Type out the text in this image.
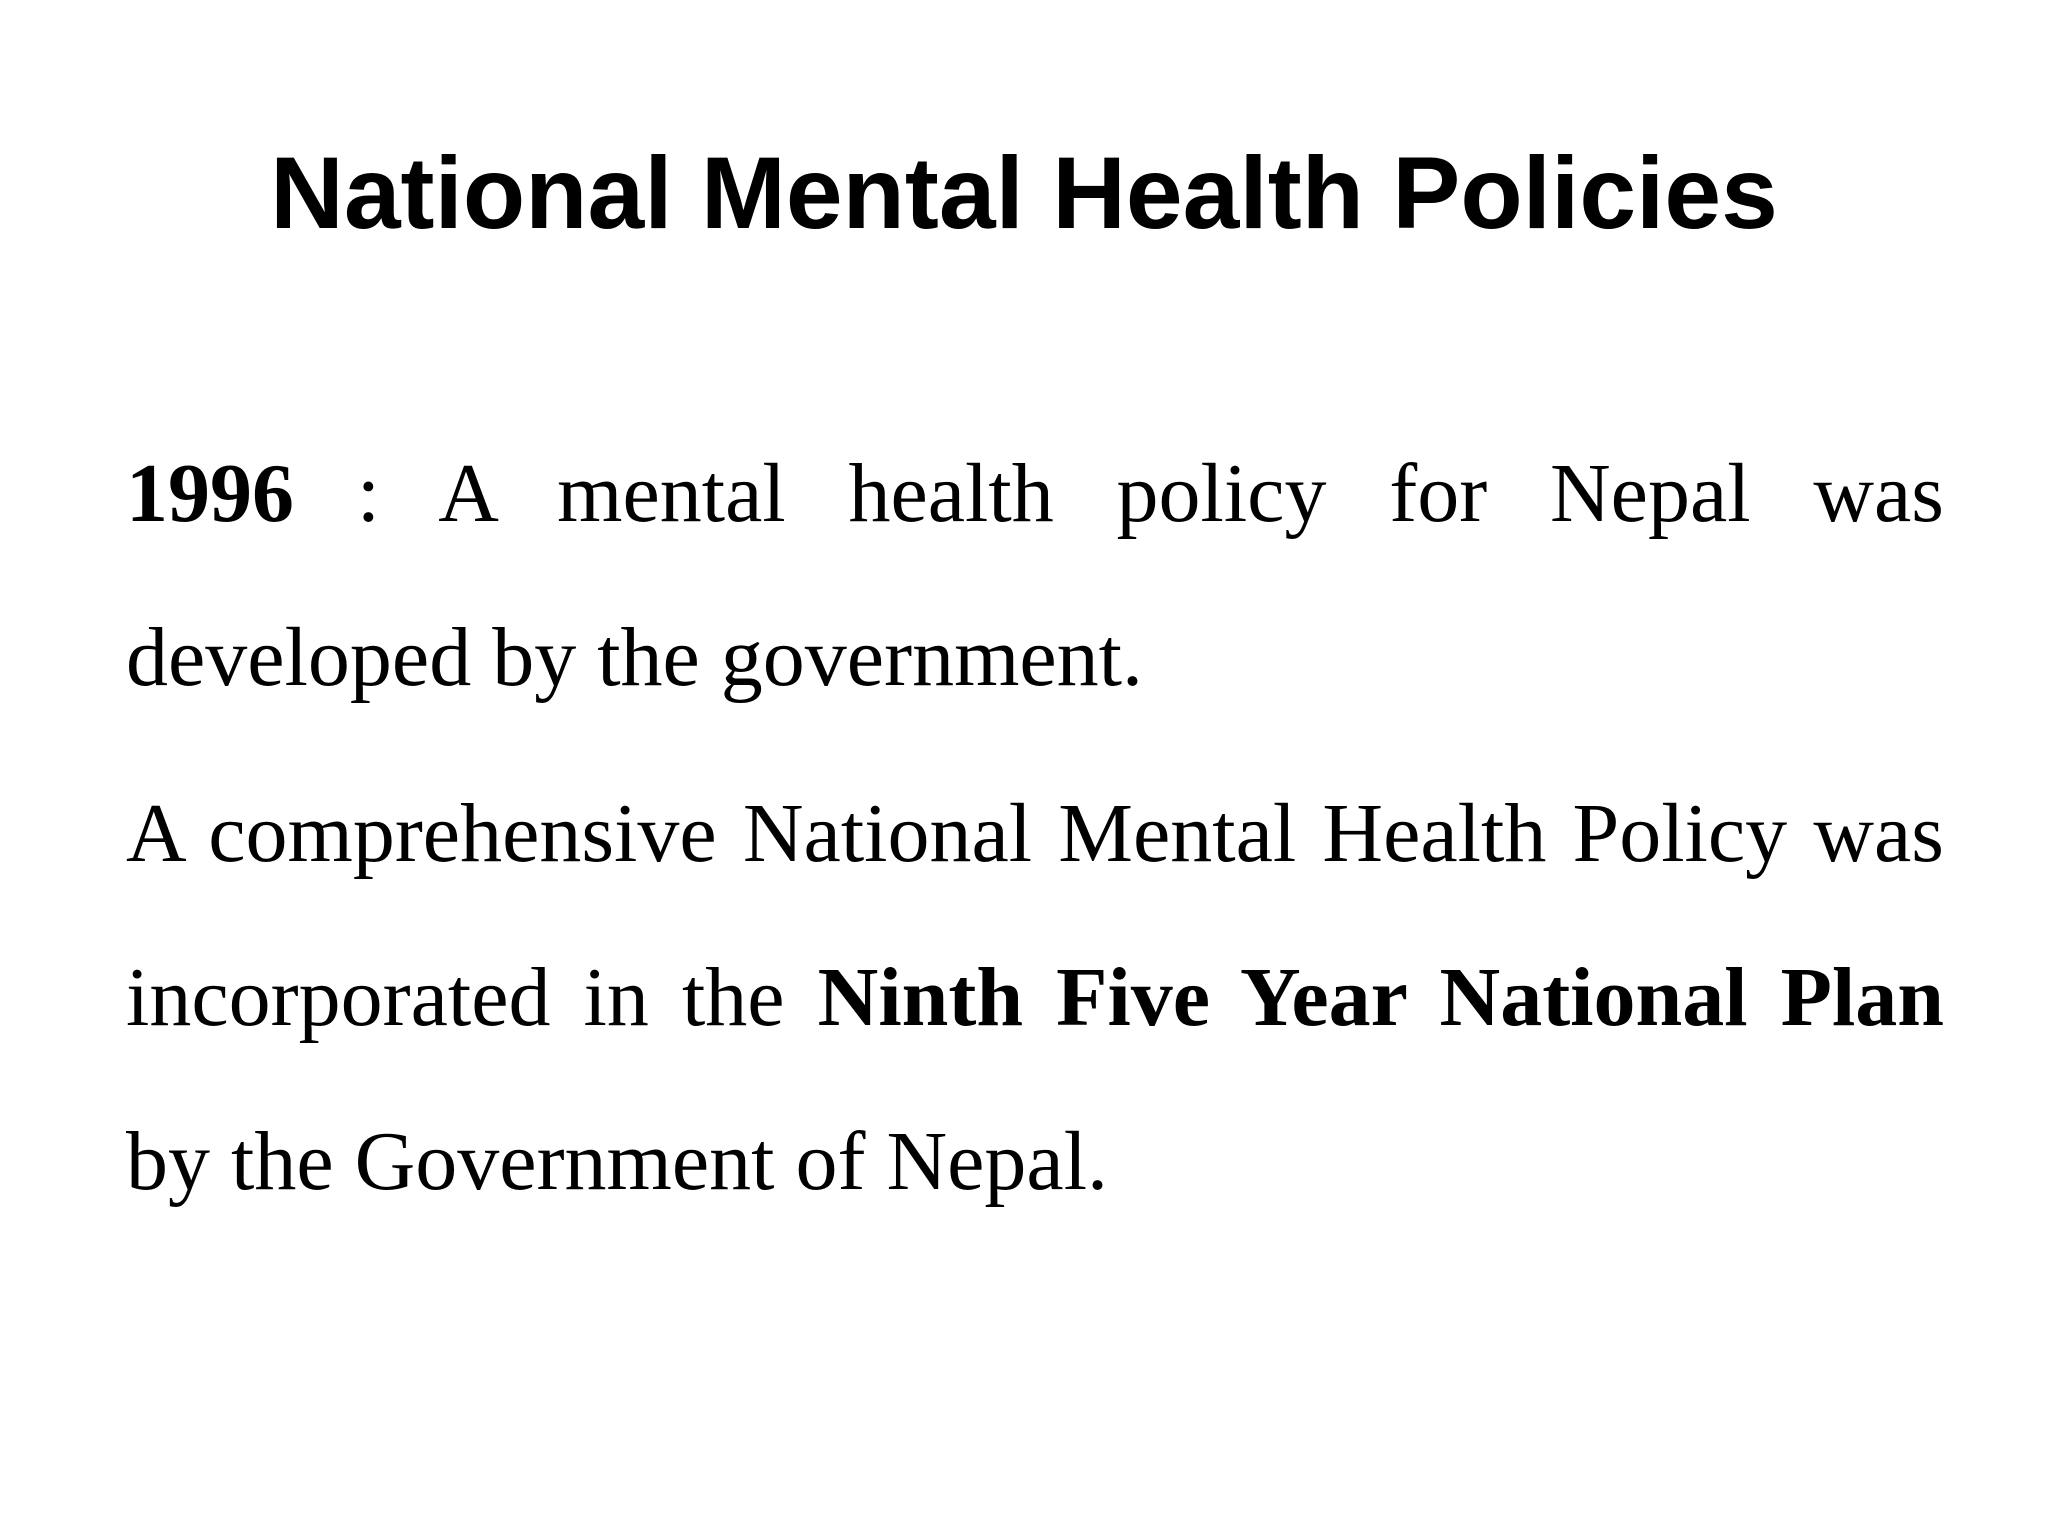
National Mental Health Policies

1996 : A mental health policy for Nepal was developed by the government.

A comprehensive National Mental Health Policy was incorporated in the Ninth Five Year National Plan by the Government of Nepal.
